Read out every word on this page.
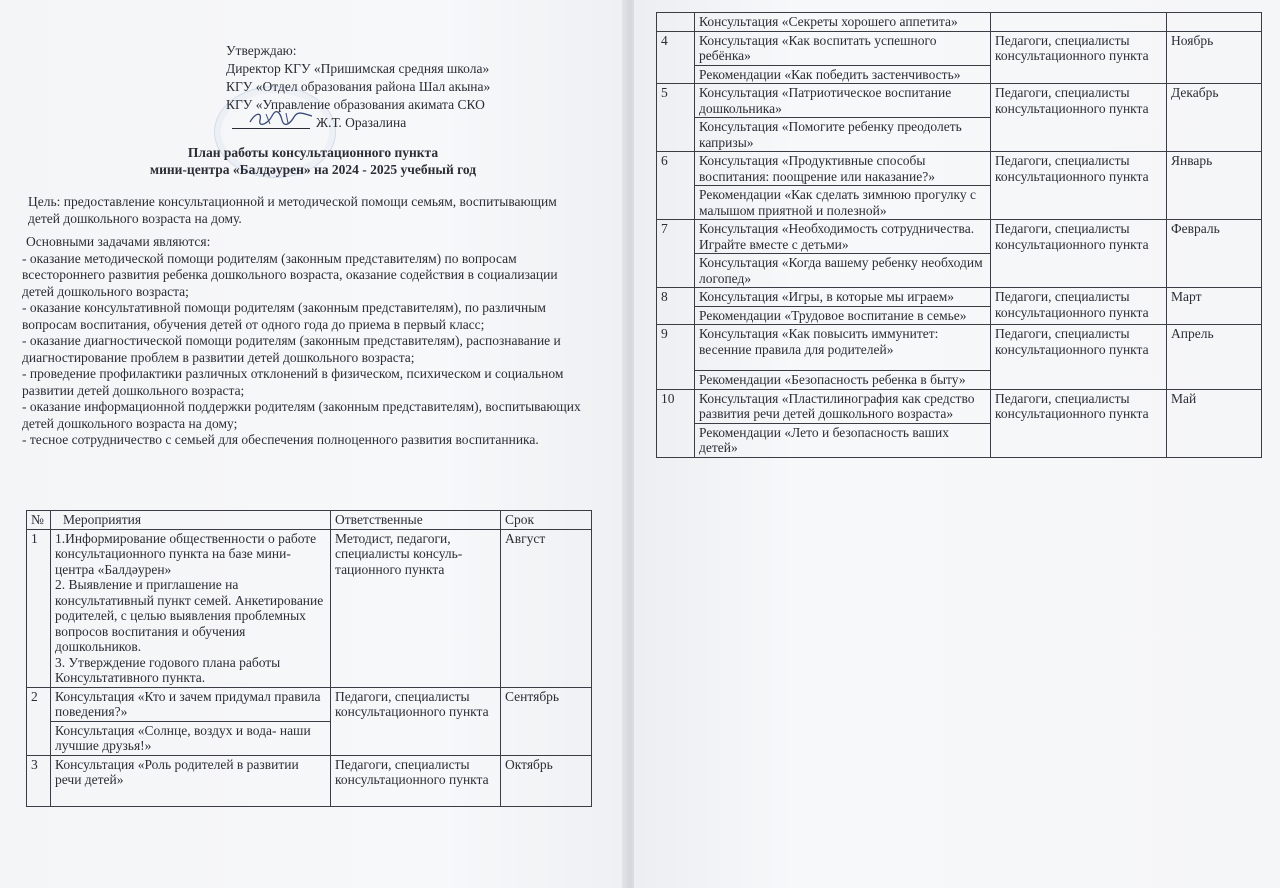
Утверждаю:
Директор КГУ «Пришимская средняя школа»
КГУ «Отдел образования района Шал акына»
КГУ «Управление образования акимата СКО
Ж.Т. Оразалина
План работы консультационного пункта
мини-центра «Балдәурен» на 2024 - 2025 учебный год
Цель: предоставление консультационной и методической помощи семьям, воспитывающим детей дошкольного возраста на дому.
Основными задачами являются:
- оказание методической помощи родителям (законным представителям) по вопросам всестороннего развития ребенка дошкольного возраста, оказание содействия в социализации детей дошкольного возраста;
- оказание консультативной помощи родителям (законным представителям), по различным вопросам воспитания, обучения детей от одного года до приема в первый класс;
- оказание диагностической помощи родителям (законным представителям), распознавание и диагностирование проблем в развитии детей дошкольного возраста;
- проведение профилактики различных отклонений в физическом, психическом и социальном развитии детей дошкольного возраста;
- оказание информационной поддержки родителям (законным представителям), воспитывающих детей дошкольного возраста на дому;
- тесное сотрудничество с семьей для обеспечения полноценного развития воспитанника.
№	Мероприятия	Ответственные	Срок
1	1.Информирование общественности о работе консультационного пункта на базе мини-центра «Балдәурен»
2. Выявление и приглашение на консультативный пункт семей. Анкетирование родителей, с целью выявления проблемных вопросов воспитания и обучения дошкольников.
3. Утверждение годового плана работы Консультативного пункта.	Методист, педагоги, специалисты консуль-тационного пункта	Август
2	Консультация «Кто и зачем придумал правила поведения?»
Консультация «Солнце, воздух и вода- наши лучшие друзья!»	Педагоги, специалисты консультационного пункта	Сентябрь
3	Консультация «Роль родителей в развитии речи детей»	Педагоги, специалисты консультационного пункта	Октябрь
	Консультация «Секреты хорошего аппетита»		
4	Консультация «Как воспитать успешного ребёнка»
Рекомендации «Как победить застенчивость»	Педагоги, специалисты консультационного пункта	Ноябрь
5	Консультация «Патриотическое воспитание дошкольника»
Консультация «Помогите ребенку преодолеть капризы»	Педагоги, специалисты консультационного пункта	Декабрь
6	Консультация «Продуктивные способы воспитания: поощрение или наказание?»
Рекомендации «Как сделать зимнюю прогулку с малышом приятной и полезной»	Педагоги, специалисты консультационного пункта	Январь
7	Консультация «Необходимость сотрудничества. Играйте вместе с детьми»
Консультация «Когда вашему ребенку необходим логопед»	Педагоги, специалисты консультационного пункта	Февраль
8	Консультация «Игры, в которые мы играем»
Рекомендации «Трудовое воспитание в семье»	Педагоги, специалисты консультационного пункта	Март
9	Консультация «Как повысить иммунитет: весенние правила для родителей»
Рекомендации «Безопасность ребенка в быту»	Педагоги, специалисты консультационного пункта	Апрель
10	Консультация «Пластилинография как средство развития речи детей дошкольного возраста»
Рекомендации «Лето и безопасность ваших детей»	Педагоги, специалисты консультационного пункта	Май
